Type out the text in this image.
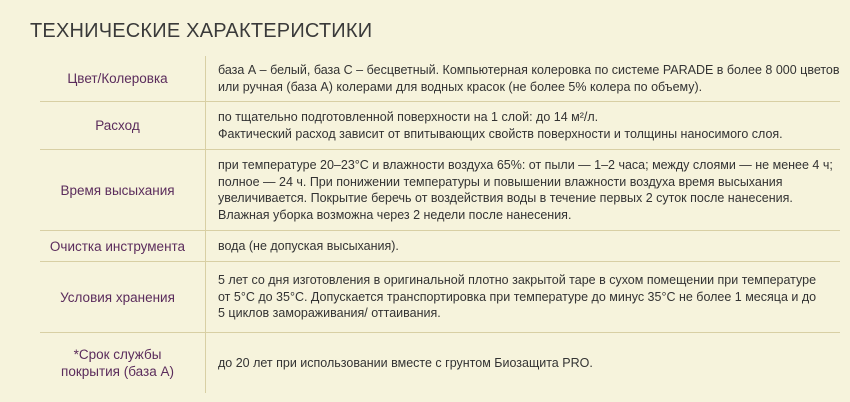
ТЕХНИЧЕСКИЕ ХАРАКТЕРИСТИКИ
Цвет/Колеровка
база А – белый, база С – бесцветный. Компьютерная колеровка по системе PARADE в более 8 000 цветов
или ручная (база А) колерами для водных красок (не более 5% колера по объему).
Расход
по тщательно подготовленной поверхности на 1 слой: до 14 м²/л.
Фактический расход зависит от впитывающих свойств поверхности и толщины наносимого слоя.
Время высыхания
при температуре 20–23°С и влажности воздуха 65%: от пыли — 1–2 часа; между слоями — не менее 4 ч;
полное — 24 ч. При понижении температуры и повышении влажности воздуха время высыхания
увеличивается. Покрытие беречь от воздействия воды в течение первых 2 суток после нанесения.
Влажная уборка возможна через 2 недели после нанесения.
Очистка инструмента	вода (не допуская высыхания).
Условия хранения
5 лет со дня изготовления в оригинальной плотно закрытой таре в сухом помещении при температуре
от 5°С до 35°С. Допускается транспортировка при температуре до минус 35°С не более 1 месяца и до
5 циклов замораживания/ оттаивания.
*Срок службы
покрытия (база А)
до 20 лет при использовании вместе с грунтом Биозащита PRO.
